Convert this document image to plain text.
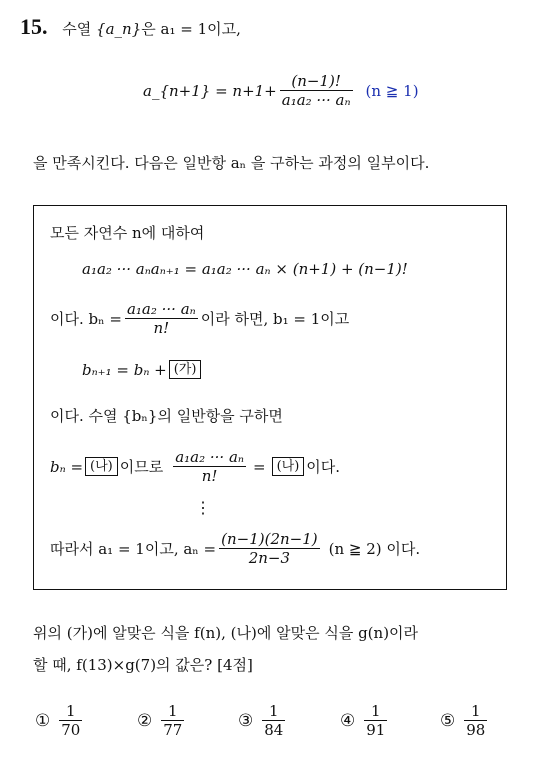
15. 수열 {a_n}은 a₁ = 1이고,
a_{n+1} = $n+1+ \frac{(n-1)!}{\text{a₁a₂ ··· aₙ}} (n$ ≧ 1)
을 만족시킨다. 다음은 일반항 aₙ 을 구하는 과정의 일부이다.
모든 자연수 n에 대하여
a₁a₂ ··· aₙaₙ₊₁ = a₁a₂ ··· aₙ × (n+1) + (n−1)!
이다. $b_n = \frac{\text{a₁a₂ ··· aₙ}}{n!}$ 이라 하면, b₁ = 1이고
bₙ₊₁ = bₙ + (가)
이다. 수열 {bₙ}의 일반항을 구하면
bₙ = (나) 이므로 $\frac{\text{a₁a₂ ··· aₙ}}{n!}$ = (나) 이다.
⋮
따라서 a₁ = 1이고, $a_n = \frac{(n-1)(2n-1)}{2n-3} (n$ ≧ 2) 이다.
위의 (가)에 알맞은 식을 f(n), (나)에 알맞은 식을 g(n)이라
할 때, f(13)×g(7)의 값은? [4점]
① $\frac{1}{70}$	② $\frac{1}{77}$	③ $\frac{1}{84}$	④ $\frac{1}{91}$	⑤ $\frac{1}{98}$
